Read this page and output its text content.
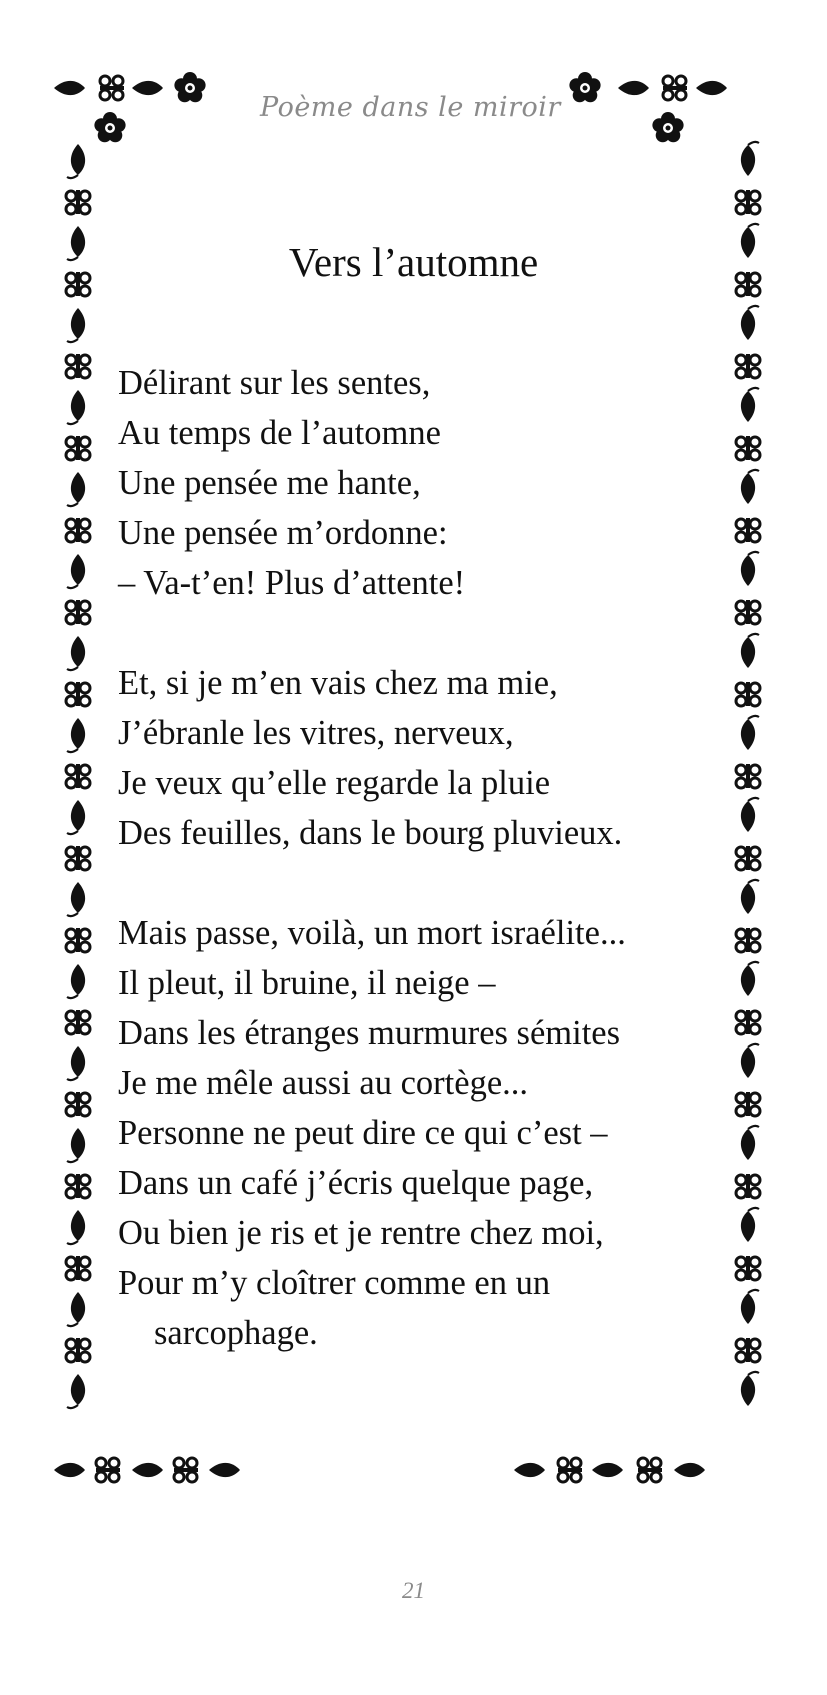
Poème dans le miroir
Vers l’automne
Délirant sur les sentes,
Au temps de l’automne
Une pensée me hante,
Une pensée m’ordonne:
– Va-t’en! Plus d’attente!
Et, si je m’en vais chez ma mie,
J’ébranle les vitres, nerveux,
Je veux qu’elle regarde la pluie
Des feuilles, dans le bourg pluvieux.
Mais passe, voilà, un mort israélite...
Il pleut, il bruine, il neige –
Dans les étranges murmures sémites
Je me mêle aussi au cortège...
Personne ne peut dire ce qui c’est –
Dans un café j’écris quelque page,
Ou bien je ris et je rentre chez moi,
Pour m’y cloîtrer comme en un
sarcophage.
21
